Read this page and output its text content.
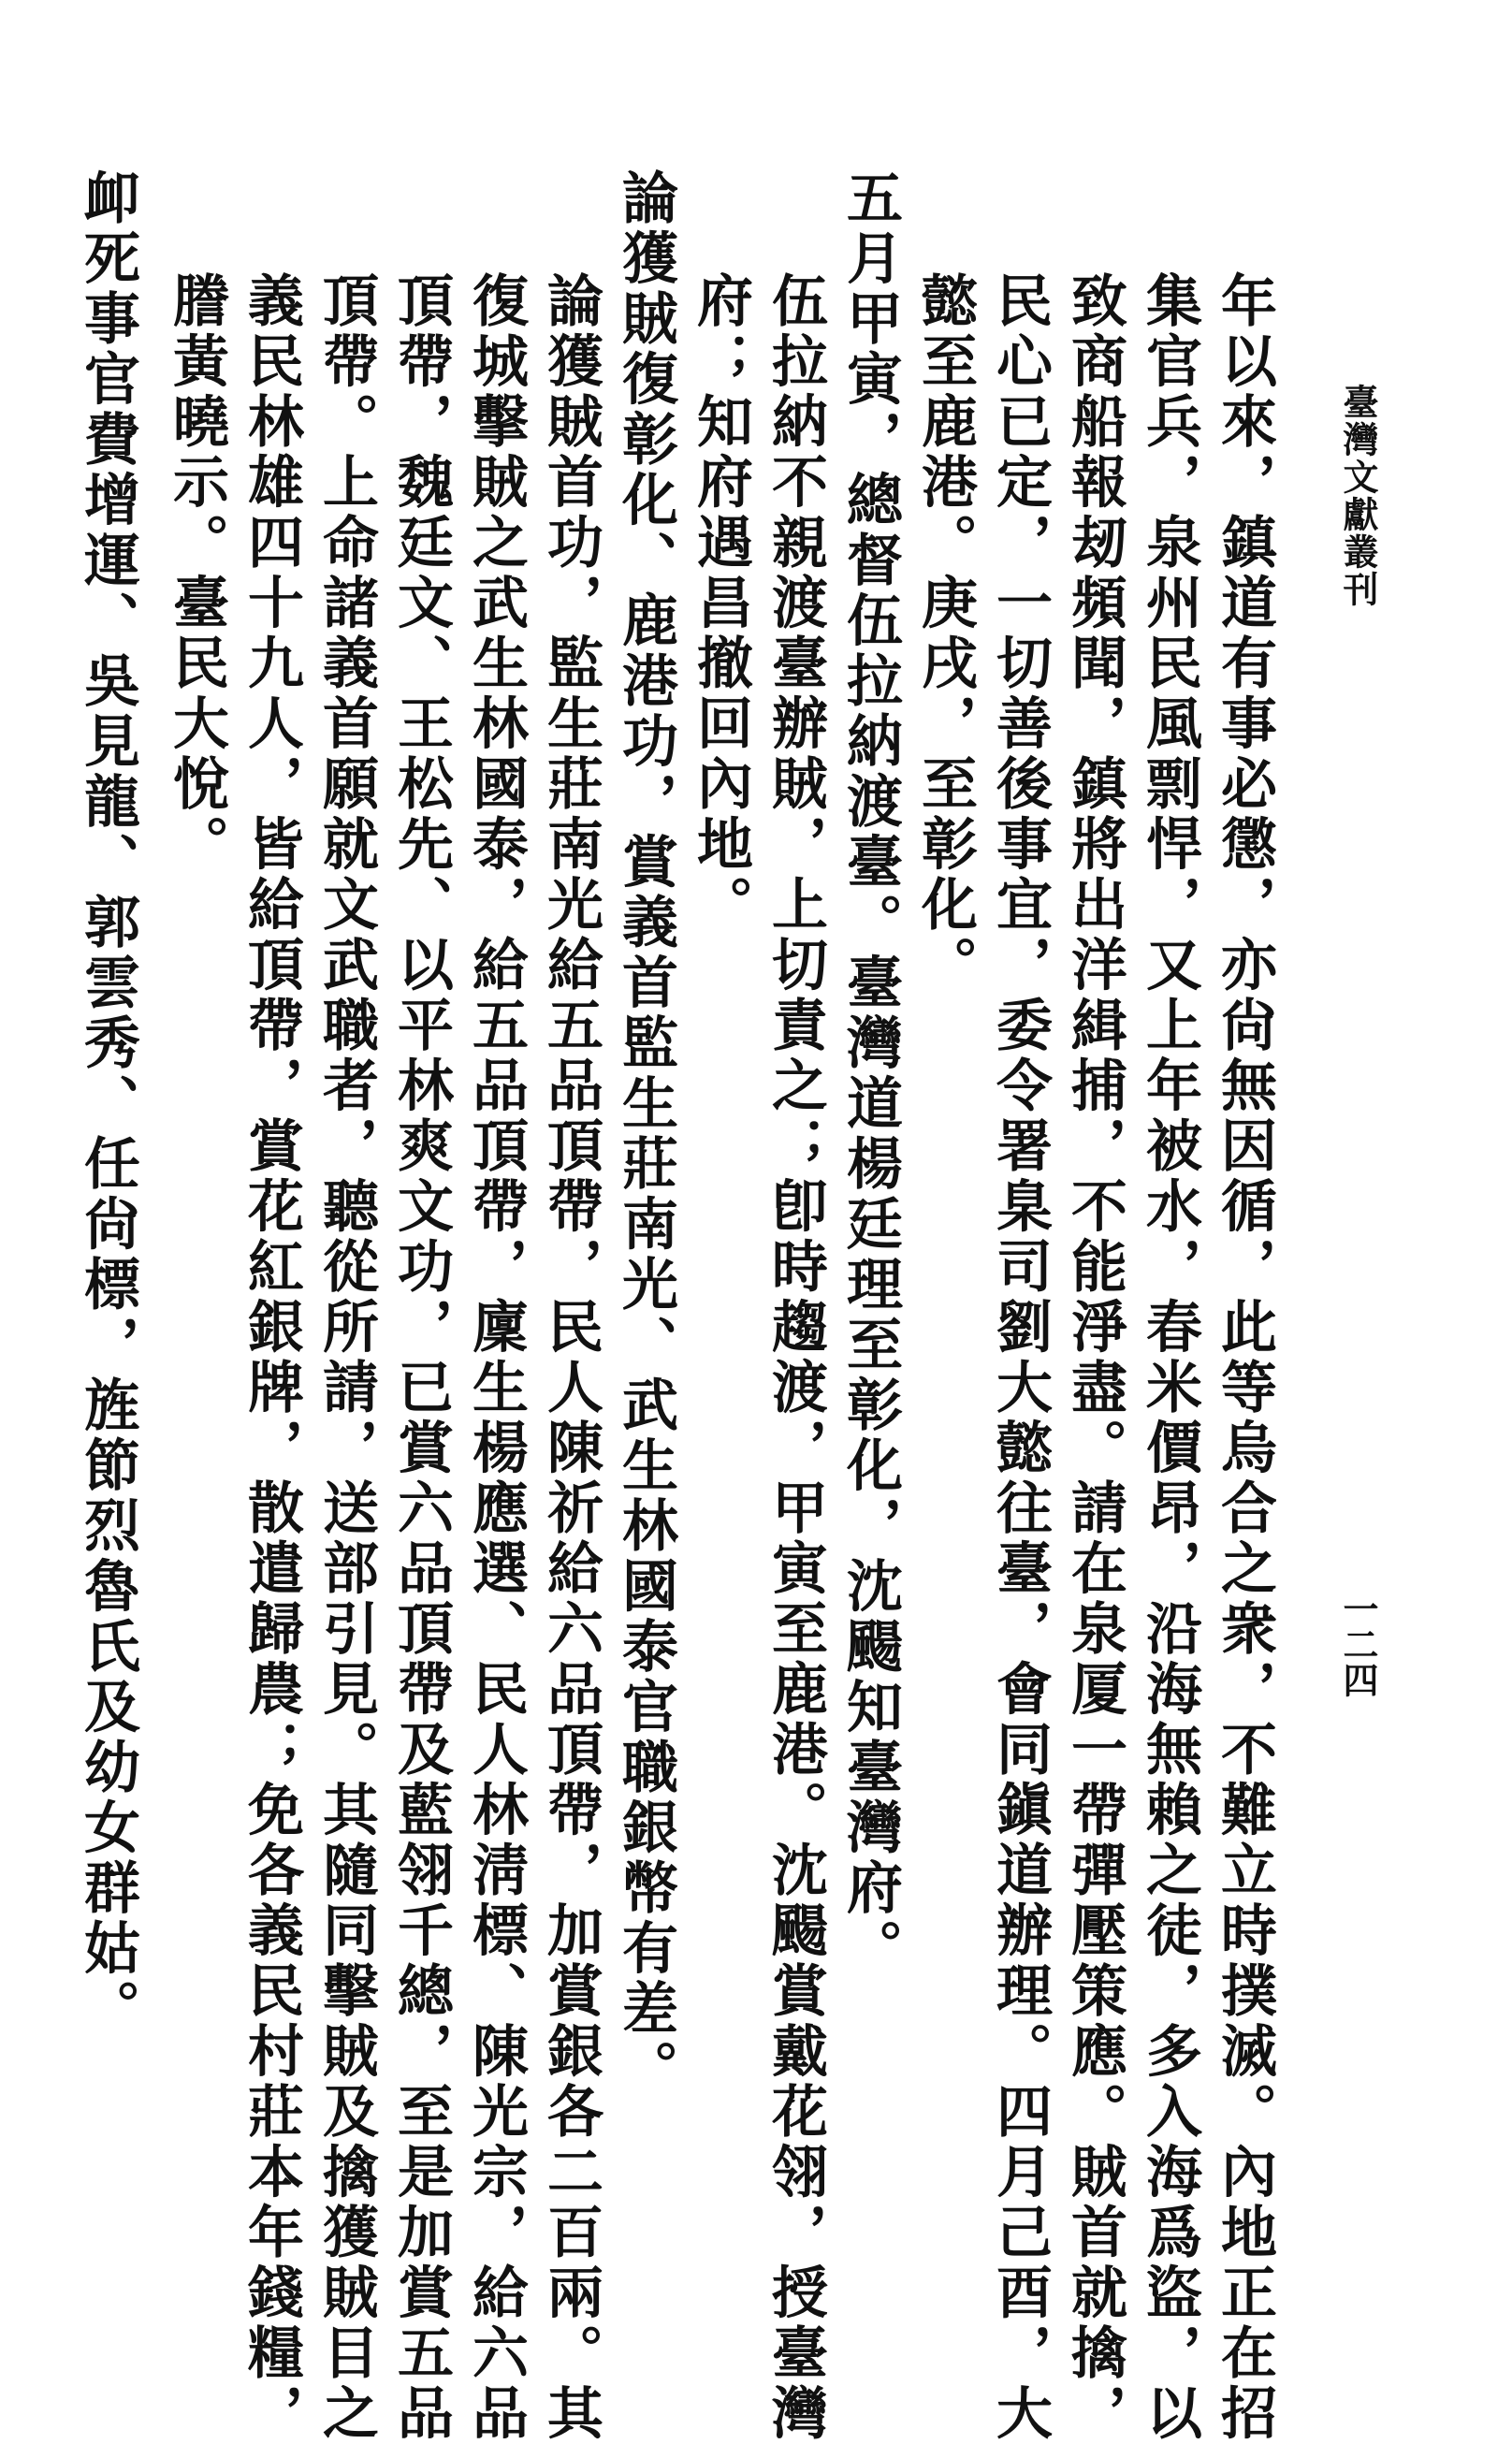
臺灣文獻叢刊
一二四
年以來，鎮道有事必懲，亦尙無因循，此等烏合之衆，不難立時撲滅。內地正在招
集官兵，泉州民風剽悍，又上年被水，春米價昂，沿海無賴之徒，多入海爲盜，以
致商船報刼頻聞，鎮將出洋緝捕，不能淨盡。請在泉厦一帶彈壓策應。賊首就擒，
民心已定，一切善後事宜，委令署臬司劉大懿往臺，會同鎭道辦理。四月己酉，大
懿至鹿港。庚戌，至彰化。
五月甲寅，總督伍拉納渡臺。臺灣道楊廷理至彰化，沈颺知臺灣府。
伍拉納不親渡臺辦賊，上切責之；卽時趨渡，甲寅至鹿港。沈颺賞戴花翎，授臺灣
府；知府遇昌撤回內地。
論獲賊復彰化、鹿港功，賞義首監生莊南光、武生林國泰官職銀幣有差。
論獲賊首功，監生莊南光給五品頂帶，民人陳祈給六品頂帶，加賞銀各二百兩。其
復城擊賊之武生林國泰，給五品頂帶，廩生楊應選、民人林淸標、陳光宗，給六品
頂帶，魏廷文、王松先、以平林爽文功，已賞六品頂帶及藍翎千總，至是加賞五品
頂帶。上命諸義首願就文武職者，聽從所請，送部引見。其隨同擊賊及擒獲賊目之
義民林雄四十九人，皆給頂帶，賞花紅銀牌，散遣歸農；免各義民村莊本年錢糧，
謄黃曉示。臺民大悅。
卹死事官費增運、吳見龍、郭雲秀、任尙標，旌節烈魯氏及幼女群姑。
